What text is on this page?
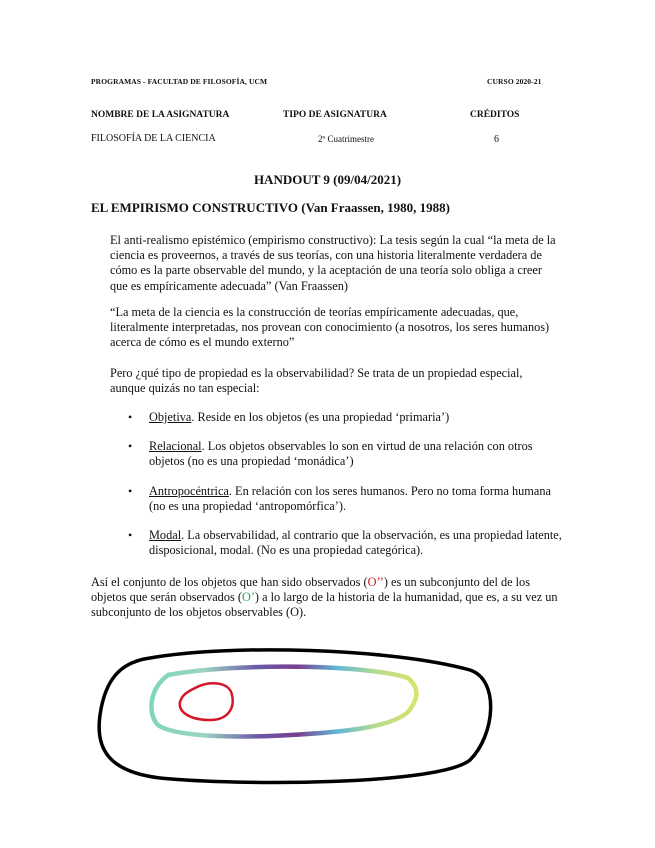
PROGRAMAS - FACULTAD DE FILOSOFÍA, UCM	CURSO 2020-21
NOMBRE DE LA ASIGNATURA	TIPO DE ASIGNATURA	CRÉDITOS
FILOSOFÍA DE LA CIENCIA	2º Cuatrimestre	6
HANDOUT 9 (09/04/2021)
EL EMPIRISMO CONSTRUCTIVO (Van Fraassen, 1980, 1988)
El anti-realismo epistémico (empirismo constructivo): La tesis según la cual “la meta de la ciencia es proveernos, a través de sus teorías, con una historia literalmente verdadera de cómo es la parte observable del mundo, y la aceptación de una teoría solo obliga a creer que es empíricamente adecuada” (Van Fraassen)
“La meta de la ciencia es la construcción de teorías empíricamente adecuadas, que, literalmente interpretadas, nos provean con conocimiento (a nosotros, los seres humanos) acerca de cómo es el mundo externo”
Pero ¿qué tipo de propiedad es la observabilidad? Se trata de un propiedad especial, aunque quizás no tan especial:
• Objetiva. Reside en los objetos (es una propiedad ‘primaria’)
• Relacional. Los objetos observables lo son en virtud de una relación con otros objetos (no es una propiedad ‘monádica’)
• Antropocéntrica. En relación con los seres humanos. Pero no toma forma humana (no es una propiedad ‘antropomórfica’).
• Modal. La observabilidad, al contrario que la observación, es una propiedad latente, disposicional, modal. (No es una propiedad categórica).
Así el conjunto de los objetos que han sido observados (O’’) es un subconjunto del de los objetos que serán observados (O’) a lo largo de la historia de la humanidad, que es, a su vez un subconjunto de los objetos observables (O).
